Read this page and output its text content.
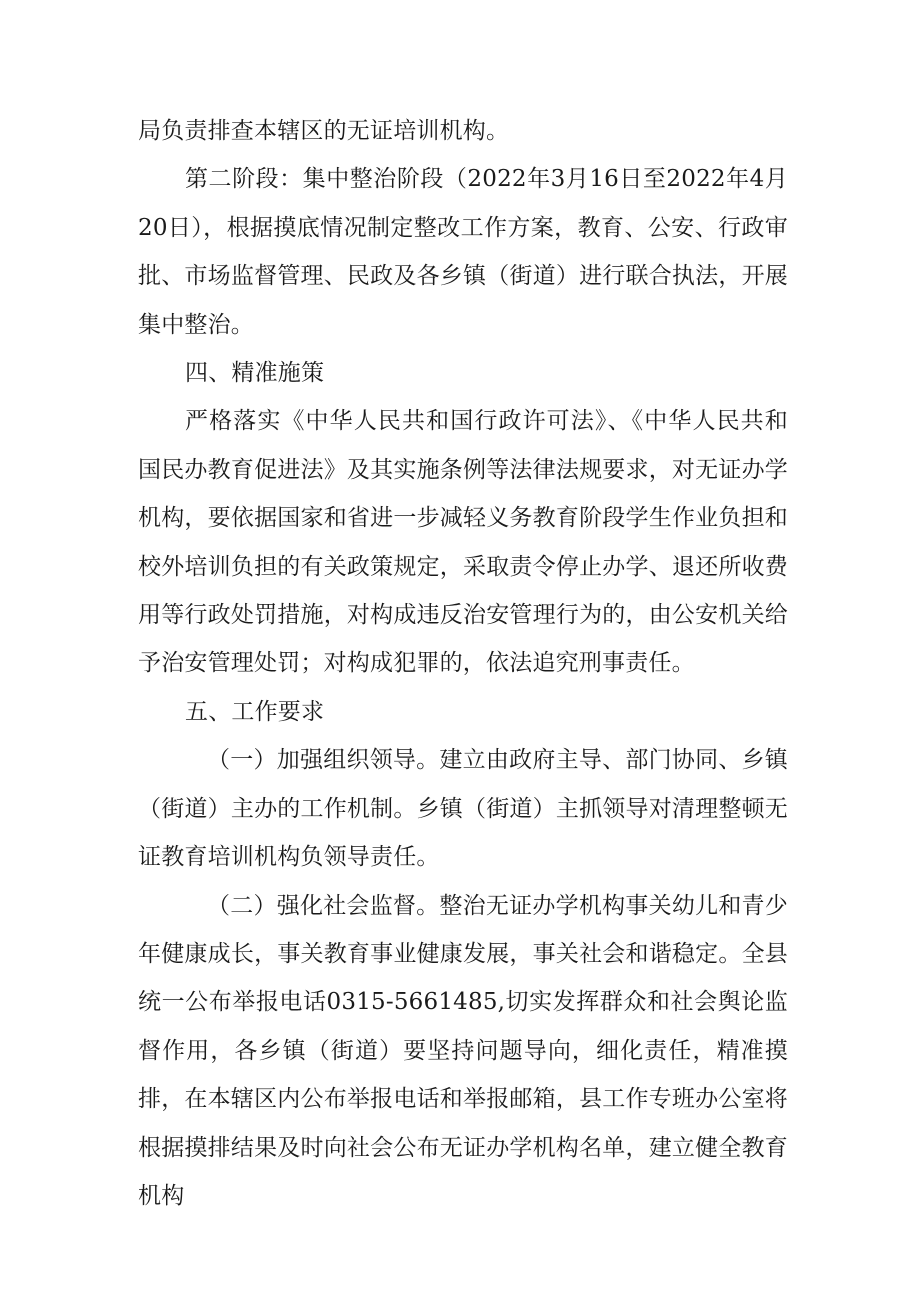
局负责排查本辖区的无证培训机构。

第二阶段：集中整治阶段（2022年3月16日至2022年4月20日），根据摸底情况制定整改工作方案，教育、公安、行政审批、市场监督管理、民政及各乡镇（街道）进行联合执法，开展集中整治。

四、精准施策

严格落实《中华人民共和国行政许可法》、《中华人民共和国民办教育促进法》及其实施条例等法律法规要求，对无证办学机构，要依据国家和省进一步减轻义务教育阶段学生作业负担和校外培训负担的有关政策规定，采取责令停止办学、退还所收费用等行政处罚措施，对构成违反治安管理行为的，由公安机关给予治安管理处罚；对构成犯罪的，依法追究刑事责任。

五、工作要求

（一）加强组织领导。建立由政府主导、部门协同、乡镇（街道）主办的工作机制。乡镇（街道）主抓领导对清理整顿无证教育培训机构负领导责任。

（二）强化社会监督。整治无证办学机构事关幼儿和青少年健康成长，事关教育事业健康发展，事关社会和谐稳定。全县统一公布举报电话0315-5661485,切实发挥群众和社会舆论监督作用，各乡镇（街道）要坚持问题导向，细化责任，精准摸排，在本辖区内公布举报电话和举报邮箱，县工作专班办公室将根据摸排结果及时向社会公布无证办学机构名单，建立健全教育机构
